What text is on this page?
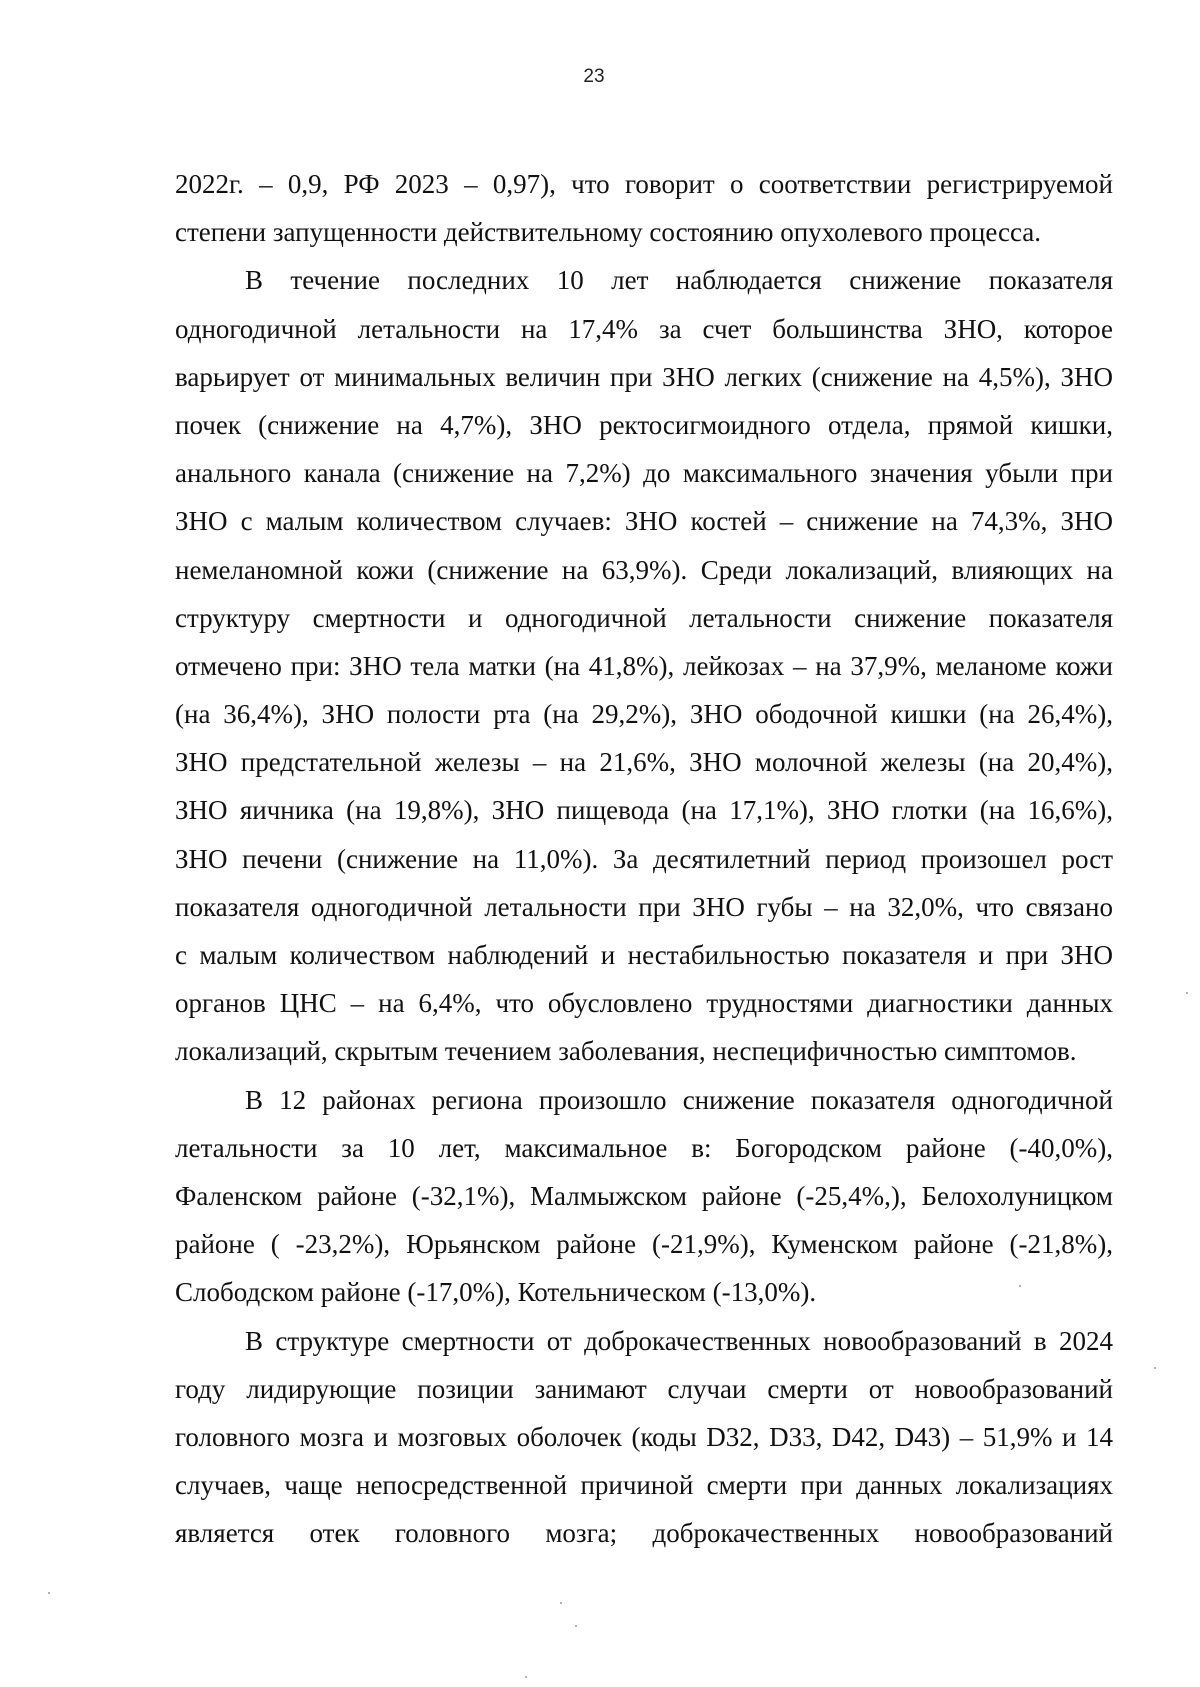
23
2022г. – 0,9, РФ 2023 – 0,97), что говорит о соответствии регистрируемой
степени запущенности действительному состоянию опухолевого процесса.
В течение последних 10 лет наблюдается снижение показателя
одногодичной летальности на 17,4% за счет большинства ЗНО, которое
варьирует от минимальных величин при ЗНО легких (снижение на 4,5%), ЗНО
почек (снижение на 4,7%), ЗНО ректосигмоидного отдела, прямой кишки,
анального канала (снижение на 7,2%) до максимального значения убыли при
ЗНО с малым количеством случаев: ЗНО костей – снижение на 74,3%, ЗНО
немеланомной кожи (снижение на 63,9%). Среди локализаций, влияющих на
структуру смертности и одногодичной летальности снижение показателя
отмечено при: ЗНО тела матки (на 41,8%), лейкозах – на 37,9%, меланоме кожи
(на 36,4%), ЗНО полости рта (на 29,2%), ЗНО ободочной кишки (на 26,4%),
ЗНО предстательной железы – на 21,6%, ЗНО молочной железы (на 20,4%),
ЗНО яичника (на 19,8%), ЗНО пищевода (на 17,1%), ЗНО глотки (на 16,6%),
ЗНО печени (снижение на 11,0%). За десятилетний период произошел рост
показателя одногодичной летальности при ЗНО губы – на 32,0%, что связано
с малым количеством наблюдений и нестабильностью показателя и при ЗНО
органов ЦНС – на 6,4%, что обусловлено трудностями диагностики данных
локализаций, скрытым течением заболевания, неспецифичностью симптомов.
В 12 районах региона произошло снижение показателя одногодичной
летальности за 10 лет, максимальное в: Богородском районе (-40,0%),
Фаленском районе (-32,1%), Малмыжском районе (-25,4%,), Белохолуницком
районе ( -23,2%), Юрьянском районе (-21,9%), Куменском районе (-21,8%),
Слободском районе (-17,0%), Котельническом (-13,0%).
В структуре смертности от доброкачественных новообразований в 2024
году лидирующие позиции занимают случаи смерти от новообразований
головного мозга и мозговых оболочек (коды D32, D33, D42, D43) – 51,9% и 14
случаев, чаще непосредственной причиной смерти при данных локализациях
является отек головного мозга; доброкачественных новообразований
